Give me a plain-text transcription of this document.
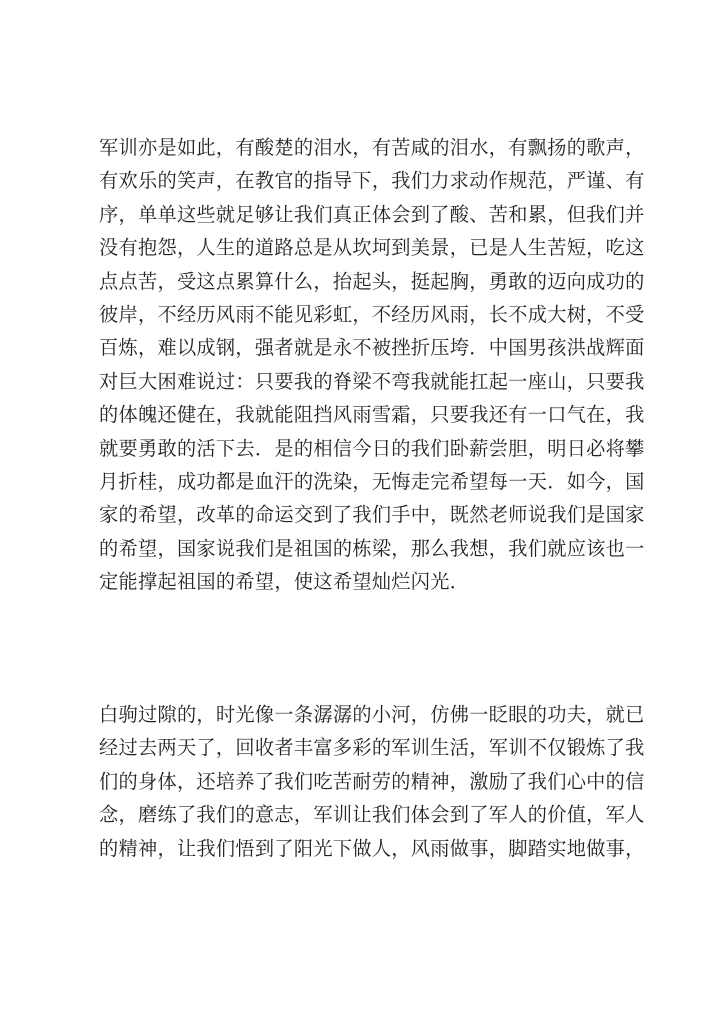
军训亦是如此，有酸楚的泪水，有苦咸的泪水，有飘扬的歌声，
有欢乐的笑声，在教官的指导下，我们力求动作规范，严谨、有
序，单单这些就足够让我们真正体会到了酸、苦和累，但我们并
没有抱怨，人生的道路总是从坎坷到美景，已是人生苦短，吃这
点点苦，受这点累算什么，抬起头，挺起胸，勇敢的迈向成功的
彼岸，不经历风雨不能见彩虹，不经历风雨，长不成大树，不受
百炼，难以成钢，强者就是永不被挫折压垮．中国男孩洪战辉面
对巨大困难说过：只要我的脊梁不弯我就能扛起一座山，只要我
的体魄还健在，我就能阻挡风雨雪霜，只要我还有一口气在，我
就要勇敢的活下去．是的相信今日的我们卧薪尝胆，明日必将攀
月折桂，成功都是血汗的洗染，无悔走完希望每一天．如今，国
家的希望，改革的命运交到了我们手中，既然老师说我们是国家
的希望，国家说我们是祖国的栋梁，那么我想，我们就应该也一
定能撑起祖国的希望，使这希望灿烂闪光．
白驹过隙的，时光像一条潺潺的小河，仿佛一眨眼的功夫，就已
经过去两天了，回收者丰富多彩的军训生活，军训不仅锻炼了我
们的身体，还培养了我们吃苦耐劳的精神，激励了我们心中的信
念，磨练了我们的意志，军训让我们体会到了军人的价值，军人
的精神，让我们悟到了阳光下做人，风雨做事，脚踏实地做事，
